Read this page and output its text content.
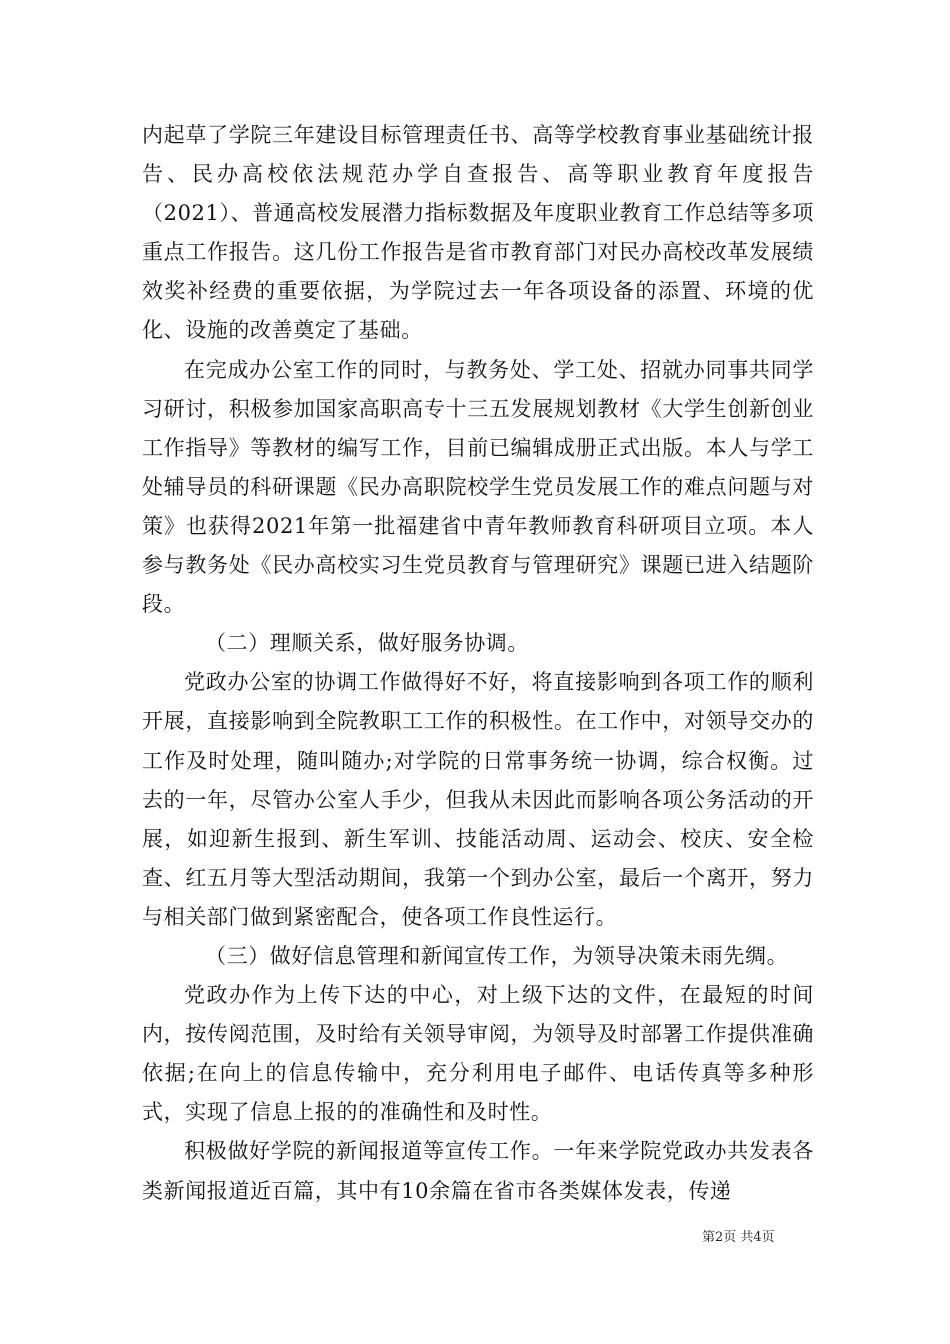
内起草了学院三年建设目标管理责任书、高等学校教育事业基础统计报告、民办高校依法规范办学自查报告、高等职业教育年度报告（2021）、普通高校发展潜力指标数据及年度职业教育工作总结等多项重点工作报告。这几份工作报告是省市教育部门对民办高校改革发展绩效奖补经费的重要依据，为学院过去一年各项设备的添置、环境的优化、设施的改善奠定了基础。

在完成办公室工作的同时，与教务处、学工处、招就办同事共同学习研讨，积极参加国家高职高专十三五发展规划教材《大学生创新创业工作指导》等教材的编写工作，目前已编辑成册正式出版。本人与学工处辅导员的科研课题《民办高职院校学生党员发展工作的难点问题与对策》也获得2021年第一批福建省中青年教师教育科研项目立项。本人参与教务处《民办高校实习生党员教育与管理研究》课题已进入结题阶段。

（二）理顺关系，做好服务协调。

党政办公室的协调工作做得好不好，将直接影响到各项工作的顺利开展，直接影响到全院教职工工作的积极性。在工作中，对领导交办的工作及时处理，随叫随办;对学院的日常事务统一协调，综合权衡。过去的一年，尽管办公室人手少，但我从未因此而影响各项公务活动的开展，如迎新生报到、新生军训、技能活动周、运动会、校庆、安全检查、红五月等大型活动期间，我第一个到办公室，最后一个离开，努力与相关部门做到紧密配合，使各项工作良性运行。

（三）做好信息管理和新闻宣传工作，为领导决策未雨先绸。

党政办作为上传下达的中心，对上级下达的文件，在最短的时间内，按传阅范围，及时给有关领导审阅，为领导及时部署工作提供准确依据;在向上的信息传输中，充分利用电子邮件、电话传真等多种形式，实现了信息上报的的准确性和及时性。

积极做好学院的新闻报道等宣传工作。一年来学院党政办共发表各类新闻报道近百篇，其中有10余篇在省市各类媒体发表，传递

第2页 共4页
